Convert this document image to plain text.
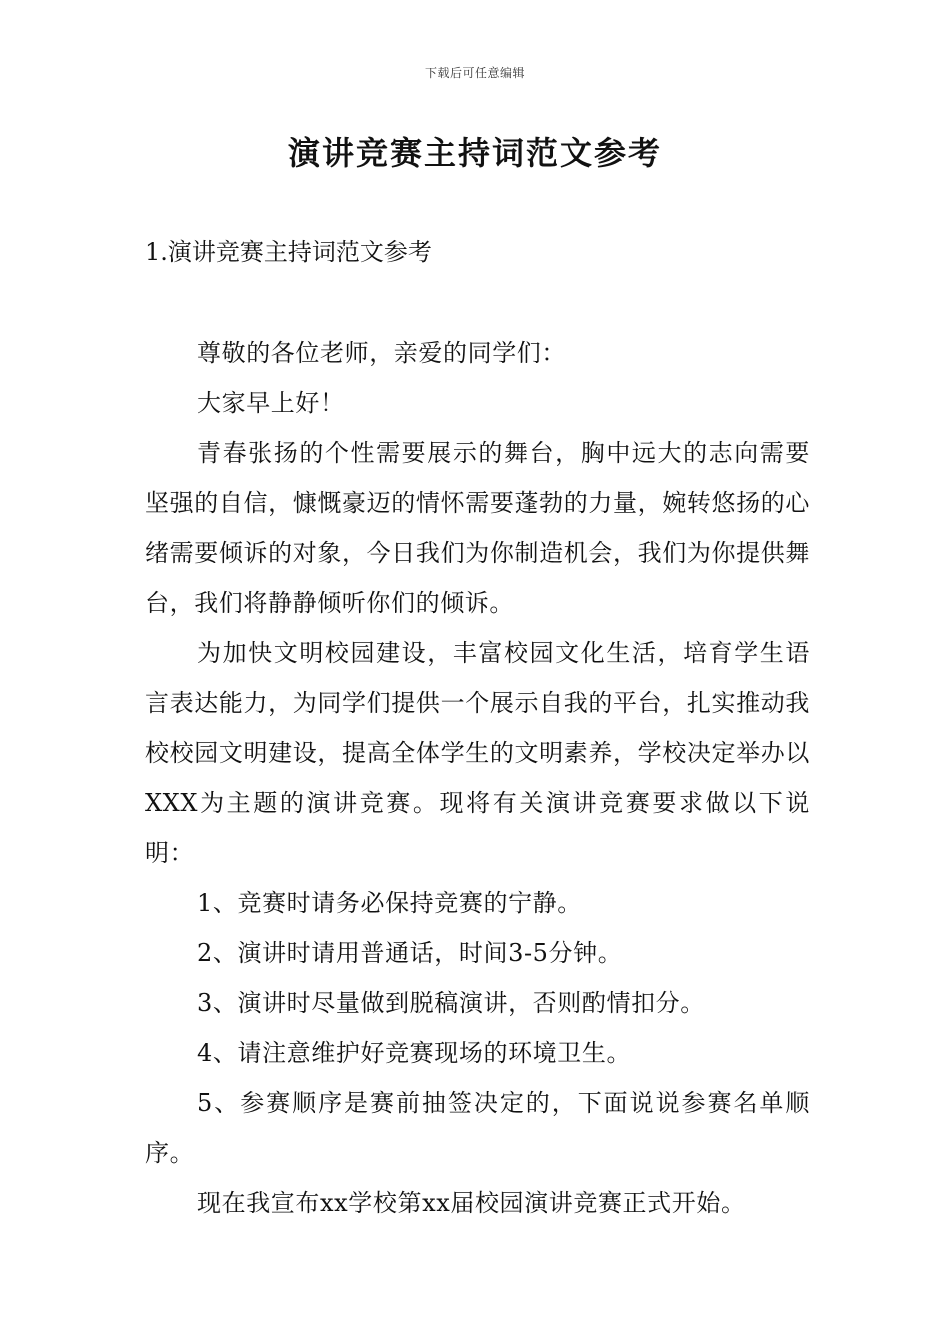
下载后可任意编辑
演讲竞赛主持词范文参考
1.演讲竞赛主持词范文参考

尊敬的各位老师，亲爱的同学们：

大家早上好！

青春张扬的个性需要展示的舞台，胸中远大的志向需要坚强的自信，慷慨豪迈的情怀需要蓬勃的力量，婉转悠扬的心绪需要倾诉的对象，今日我们为你制造机会，我们为你提供舞台，我们将静静倾听你们的倾诉。

为加快文明校园建设，丰富校园文化生活，培育学生语言表达能力，为同学们提供一个展示自我的平台，扎实推动我校校园文明建设，提高全体学生的文明素养，学校决定举办以XXX为主题的演讲竞赛。现将有关演讲竞赛要求做以下说明：

1、竞赛时请务必保持竞赛的宁静。

2、演讲时请用普通话，时间3-5分钟。

3、演讲时尽量做到脱稿演讲，否则酌情扣分。

4、请注意维护好竞赛现场的环境卫生。

5、参赛顺序是赛前抽签决定的，下面说说参赛名单顺序。

现在我宣布xx学校第xx届校园演讲竞赛正式开始。
